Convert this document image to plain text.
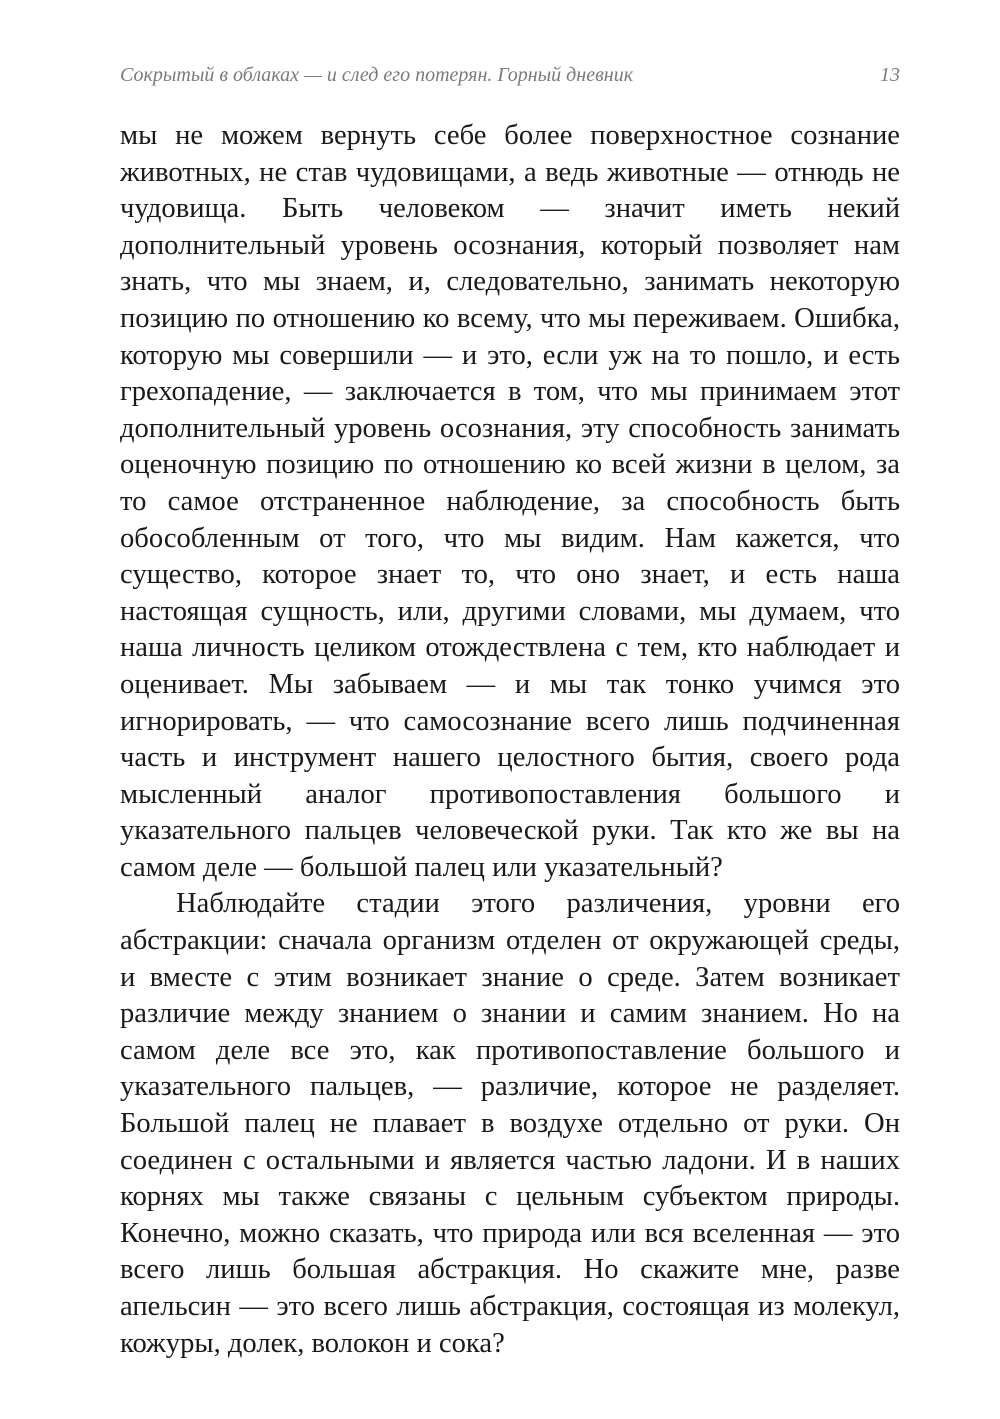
Сокрытый в облаках — и след его потерян. Горный дневник	13

мы не можем вернуть себе более поверхностное сознание животных, не став чудовищами, а ведь животные — отнюдь не чудовища. Быть человеком — значит иметь некий дополнительный уровень осознания, который позволяет нам знать, что мы знаем, и, следовательно, занимать некоторую позицию по отношению ко всему, что мы переживаем. Ошибка, которую мы совершили — и это, если уж на то пошло, и есть грехопадение, — заключается в том, что мы принимаем этот дополнительный уровень осознания, эту способность занимать оценочную позицию по отношению ко всей жизни в целом, за то самое отстраненное наблюдение, за способность быть обособленным от того, что мы видим. Нам кажется, что существо, которое знает то, что оно знает, и есть наша настоящая сущность, или, другими словами, мы думаем, что наша личность целиком отождествлена с тем, кто наблюдает и оценивает. Мы забываем — и мы так тонко учимся это игнорировать, — что самосознание всего лишь подчиненная часть и инструмент нашего целостного бытия, своего рода мысленный аналог противопоставления большого и указательного пальцев человеческой руки. Так кто же вы на самом деле — большой палец или указательный?

Наблюдайте стадии этого различения, уровни его абстракции: сначала организм отделен от окружающей среды, и вместе с этим возникает знание о среде. Затем возникает различие между знанием о знании и самим знанием. Но на самом деле все это, как противопоставление большого и указательного пальцев, — различие, которое не разделяет. Большой палец не плавает в воздухе отдельно от руки. Он соединен с остальными и является частью ладони. И в наших корнях мы также связаны с цельным субъектом природы. Конечно, можно сказать, что природа или вся вселенная — это всего лишь большая абстракция. Но скажите мне, разве апельсин — это всего лишь абстракция, состоящая из молекул, кожуры, долек, волокон и сока?
